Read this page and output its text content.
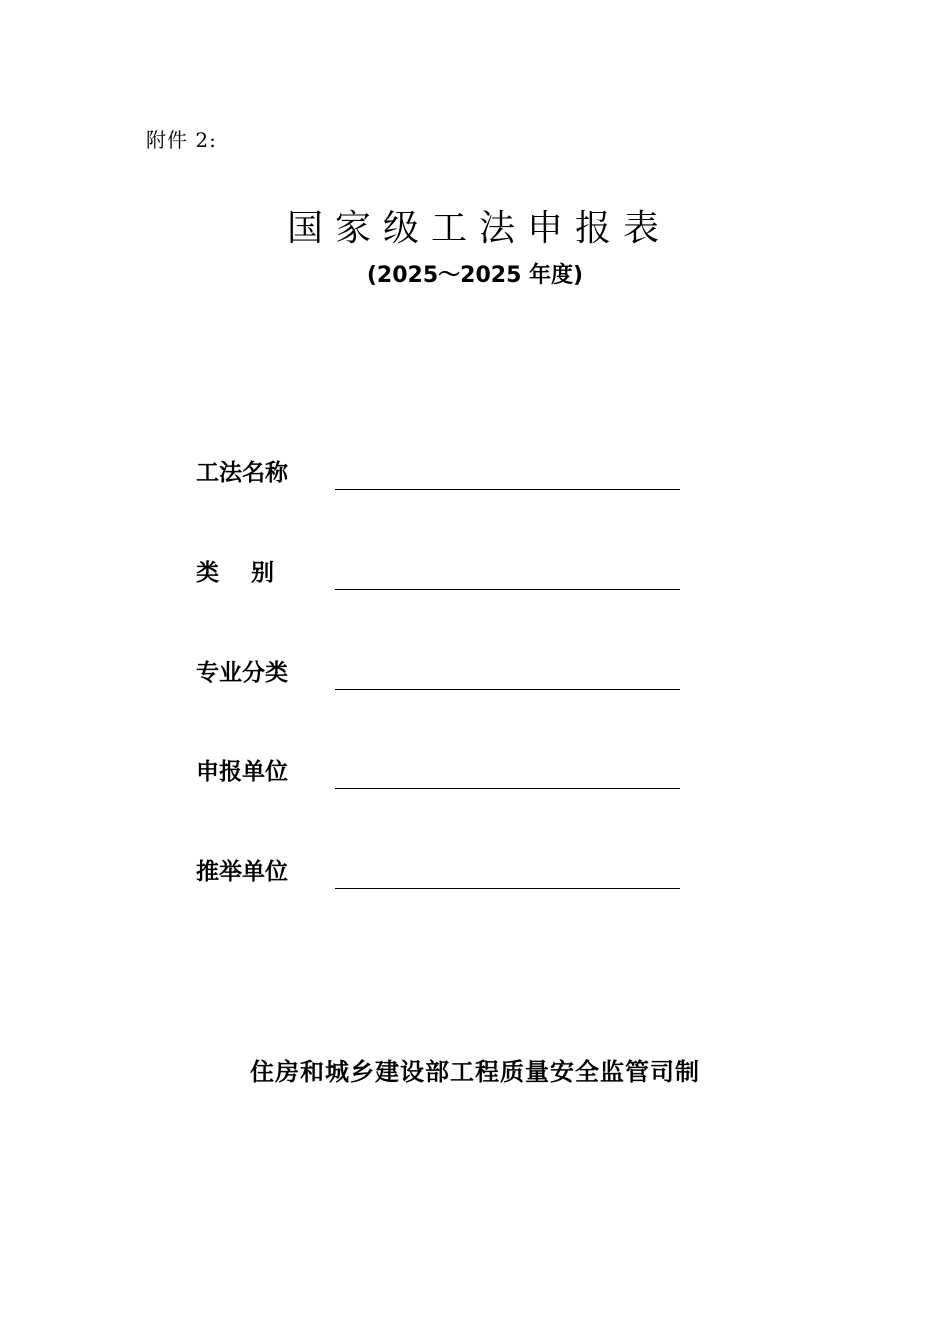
附件 2:
国家级工法申报表
(2025～2025 年度)
工法名称
类    别
专业分类
申报单位
推举单位
住房和城乡建设部工程质量安全监管司制
